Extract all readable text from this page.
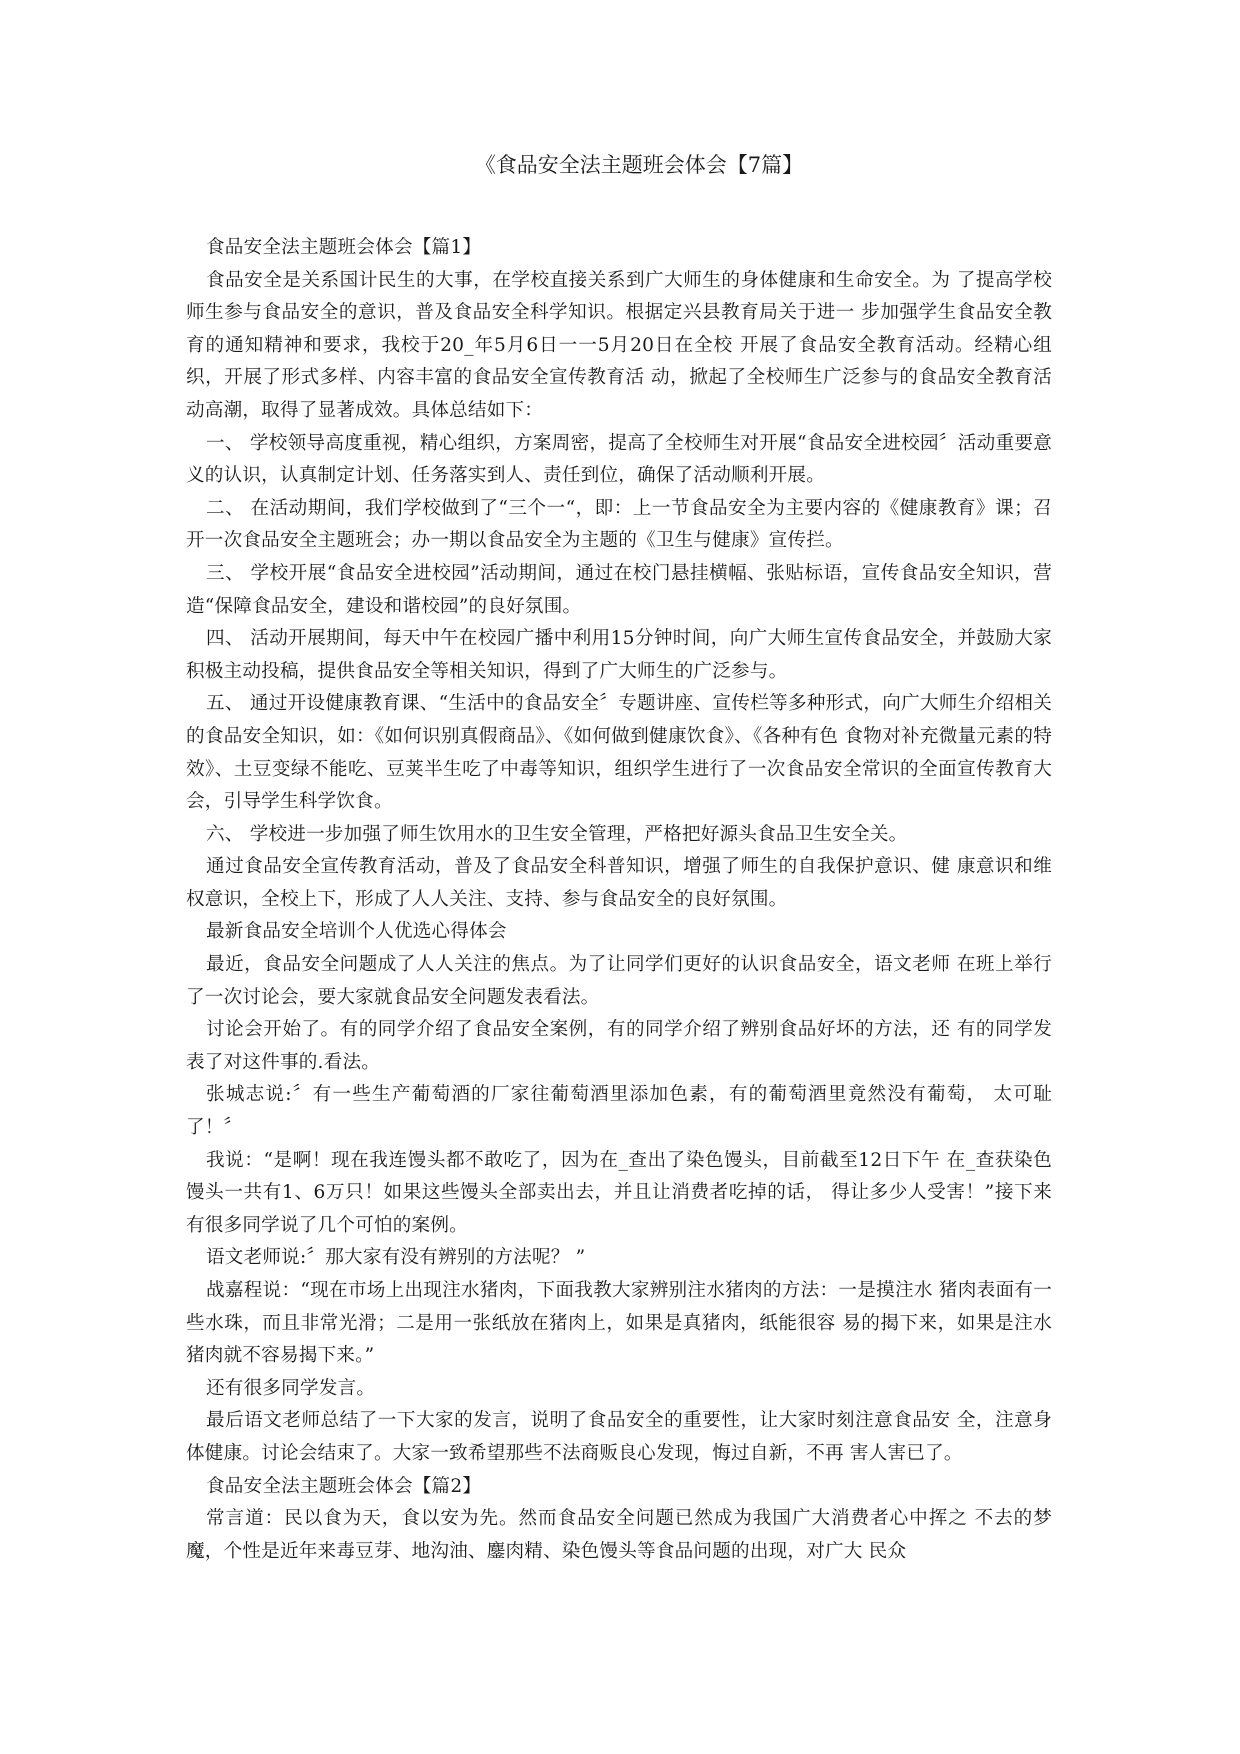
《食品安全法主题班会体会【7篇】

食品安全法主题班会体会【篇1】

食品安全是关系国计民生的大事，在学校直接关系到广大师生的身体健康和生命安全。为 了提高学校师生参与食品安全的意识，普及食品安全科学知识。根据定兴县教育局关于进一 步加强学生食品安全教育的通知精神和要求，我校于20_年5月6日一一5月20日在全校 开展了食品安全教育活动。经精心组织，开展了形式多样、内容丰富的食品安全宣传教育活 动，掀起了全校师生广泛参与的食品安全教育活动高潮，取得了显著成效。具体总结如下：

一、 学校领导高度重视，精心组织，方案周密，提高了全校师生对开展“食品安全进校园〞活动重要意义的认识，认真制定计划、任务落实到人、责任到位，确保了活动顺利开展。

二、 在活动期间，我们学校做到了“三个一“，即：上一节食品安全为主要内容的《健康教育》课；召开一次食品安全主题班会；办一期以食品安全为主题的《卫生与健康》宣传拦。

三、 学校开展“食品安全进校园”活动期间，通过在校门悬挂横幅、张贴标语，宣传食品安全知识，营造“保障食品安全，建设和谐校园”的良好氛围。

四、 活动开展期间，每天中午在校园广播中利用15分钟时间，向广大师生宣传食品安全，并鼓励大家积极主动投稿，提供食品安全等相关知识，得到了广大师生的广泛参与。

五、 通过开设健康教育课、“生活中的食品安全〞专题讲座、宣传栏等多种形式，向广大师生介绍相关的食品安全知识，如：《如何识别真假商品》、《如何做到健康饮食》、《各种有色 食物对补充微量元素的特效》、土豆变绿不能吃、豆荚半生吃了中毒等知识，组织学生进行了一次食品安全常识的全面宣传教育大会，引导学生科学饮食。

六、 学校进一步加强了师生饮用水的卫生安全管理，严格把好源头食品卫生安全关。

通过食品安全宣传教育活动，普及了食品安全科普知识，增强了师生的自我保护意识、健 康意识和维权意识，全校上下，形成了人人关注、支持、参与食品安全的良好氛围。

最新食品安全培训个人优选心得体会

最近，食品安全问题成了人人关注的焦点。为了让同学们更好的认识食品安全，语文老师 在班上举行了一次讨论会，要大家就食品安全问题发表看法。

讨论会开始了。有的同学介绍了食品安全案例，有的同学介绍了辨别食品好坏的方法，还 有的同学发表了对这件事的.看法。

张城志说:〞有一些生产葡萄酒的厂家往葡萄酒里添加色素，有的葡萄酒里竟然没有葡萄， 太可耻了！〞

我说：“是啊！现在我连馒头都不敢吃了，因为在_查出了染色馒头，目前截至12日下午 在_查获染色馒头一共有1、6万只！如果这些馒头全部卖出去，并且让消费者吃掉的话， 得让多少人受害！”接下来有很多同学说了几个可怕的案例。

语文老师说:〞那大家有没有辨别的方法呢？ ”

战嘉程说：“现在市场上出现注水猪肉，下面我教大家辨别注水猪肉的方法：一是摸注水 猪肉表面有一些水珠，而且非常光滑；二是用一张纸放在猪肉上，如果是真猪肉，纸能很容 易的揭下来，如果是注水猪肉就不容易揭下来。”

还有很多同学发言。

最后语文老师总结了一下大家的发言，说明了食品安全的重要性，让大家时刻注意食品安 全，注意身体健康。讨论会结束了。大家一致希望那些不法商贩良心发现，悔过自新，不再 害人害已了。

食品安全法主题班会体会【篇2】

常言道：民以食为天，食以安为先。然而食品安全问题已然成为我国广大消费者心中挥之 不去的梦魔，个性是近年来毒豆芽、地沟油、鏖肉精、染色馒头等食品问题的出现，对广大 民众
